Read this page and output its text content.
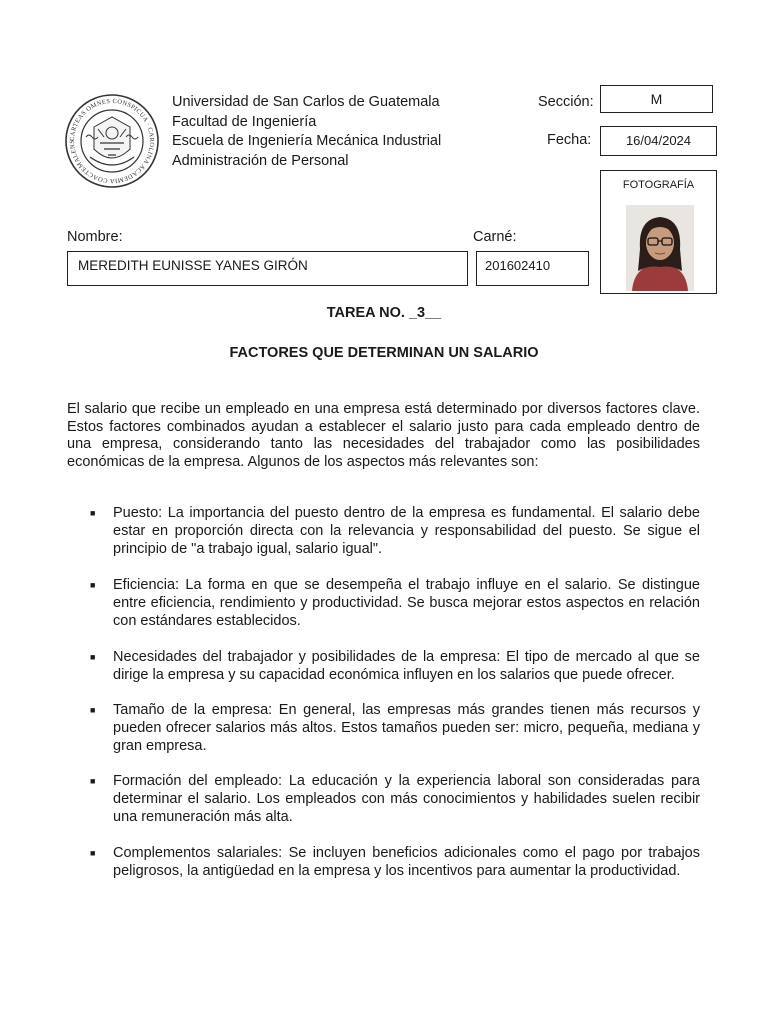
CARTEAS OMNES CONSPICUA · CAROLINA ACADEMIA COACTEMALENS
Universidad de San Carlos de Guatemala
Facultad de Ingeniería
Escuela de Ingeniería Mecánica Industrial
Administración de Personal
Sección:	M
Fecha:	16/04/2024
FOTOGRAFÍA
Nombre:
MEREDITH EUNISSE YANES GIRÓN
Carné:
201602410
TAREA NO. _3__
FACTORES QUE DETERMINAN UN SALARIO
El salario que recibe un empleado en una empresa está determinado por diversos factores clave. Estos factores combinados ayudan a establecer el salario justo para cada empleado dentro de una empresa, considerando tanto las necesidades del trabajador como las posibilidades económicas de la empresa. Algunos de los aspectos más relevantes son:
■ Puesto: La importancia del puesto dentro de la empresa es fundamental. El salario debe estar en proporción directa con la relevancia y responsabilidad del puesto. Se sigue el principio de "a trabajo igual, salario igual".
■ Eficiencia: La forma en que se desempeña el trabajo influye en el salario. Se distingue entre eficiencia, rendimiento y productividad. Se busca mejorar estos aspectos en relación con estándares establecidos.
■ Necesidades del trabajador y posibilidades de la empresa: El tipo de mercado al que se dirige la empresa y su capacidad económica influyen en los salarios que puede ofrecer.
■ Tamaño de la empresa: En general, las empresas más grandes tienen más recursos y pueden ofrecer salarios más altos. Estos tamaños pueden ser: micro, pequeña, mediana y gran empresa.
■ Formación del empleado: La educación y la experiencia laboral son consideradas para determinar el salario. Los empleados con más conocimientos y habilidades suelen recibir una remuneración más alta.
■ Complementos salariales: Se incluyen beneficios adicionales como el pago por trabajos peligrosos, la antigüedad en la empresa y los incentivos para aumentar la productividad.
